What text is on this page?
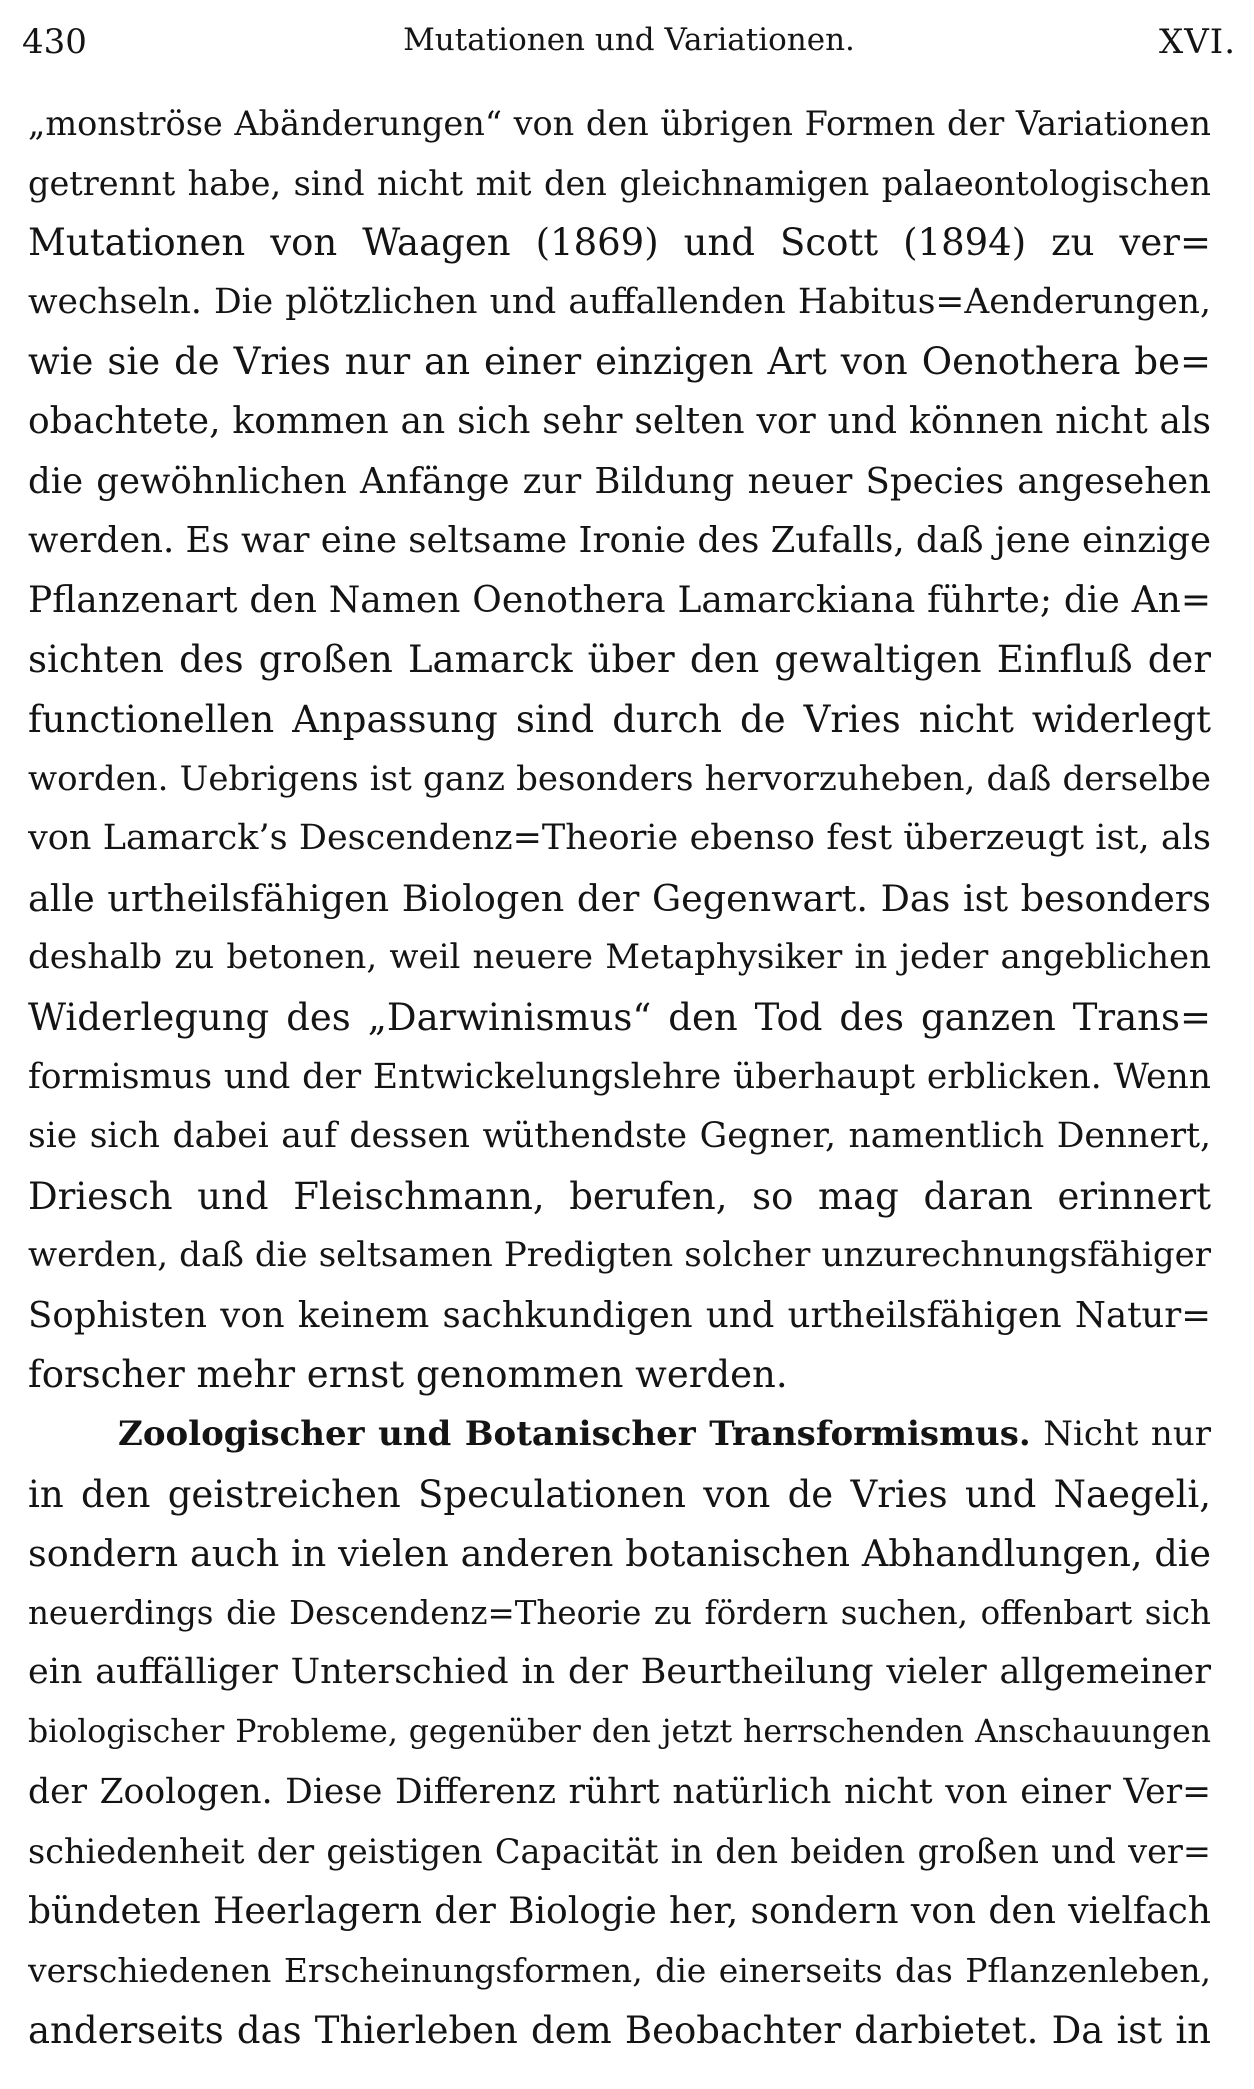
430	Mutationen und Variationen.	XVI.
„monströse Abänderungen“ von den übrigen Formen der Variationen
getrennt habe, sind nicht mit den gleichnamigen palaeontologischen
Mutationen von Waagen (1869) und Scott (1894) zu ver=
wechseln. Die plötzlichen und auffallenden Habitus=Aenderungen,
wie sie de Vries nur an einer einzigen Art von Oenothera be=
obachtete, kommen an sich sehr selten vor und können nicht als
die gewöhnlichen Anfänge zur Bildung neuer Species angesehen
werden. Es war eine seltsame Ironie des Zufalls, daß jene einzige
Pflanzenart den Namen Oenothera Lamarckiana führte; die An=
sichten des großen Lamarck über den gewaltigen Einfluß der
functionellen Anpassung sind durch de Vries nicht widerlegt
worden. Uebrigens ist ganz besonders hervorzuheben, daß derselbe
von Lamarck’s Descendenz=Theorie ebenso fest überzeugt ist, als
alle urtheilsfähigen Biologen der Gegenwart. Das ist besonders
deshalb zu betonen, weil neuere Metaphysiker in jeder angeblichen
Widerlegung des „Darwinismus“ den Tod des ganzen Trans=
formismus und der Entwickelungslehre überhaupt erblicken. Wenn
sie sich dabei auf dessen wüthendste Gegner, namentlich Dennert,
Driesch und Fleischmann, berufen, so mag daran erinnert
werden, daß die seltsamen Predigten solcher unzurechnungsfähiger
Sophisten von keinem sachkundigen und urtheilsfähigen Natur=
forscher mehr ernst genommen werden.
Zoologischer und Botanischer Transformismus. Nicht nur
in den geistreichen Speculationen von de Vries und Naegeli,
sondern auch in vielen anderen botanischen Abhandlungen, die
neuerdings die Descendenz=Theorie zu fördern suchen, offenbart sich
ein auffälliger Unterschied in der Beurtheilung vieler allgemeiner
biologischer Probleme, gegenüber den jetzt herrschenden Anschauungen
der Zoologen. Diese Differenz rührt natürlich nicht von einer Ver=
schiedenheit der geistigen Capacität in den beiden großen und ver=
bündeten Heerlagern der Biologie her, sondern von den vielfach
verschiedenen Erscheinungsformen, die einerseits das Pflanzenleben,
anderseits das Thierleben dem Beobachter darbietet. Da ist in
